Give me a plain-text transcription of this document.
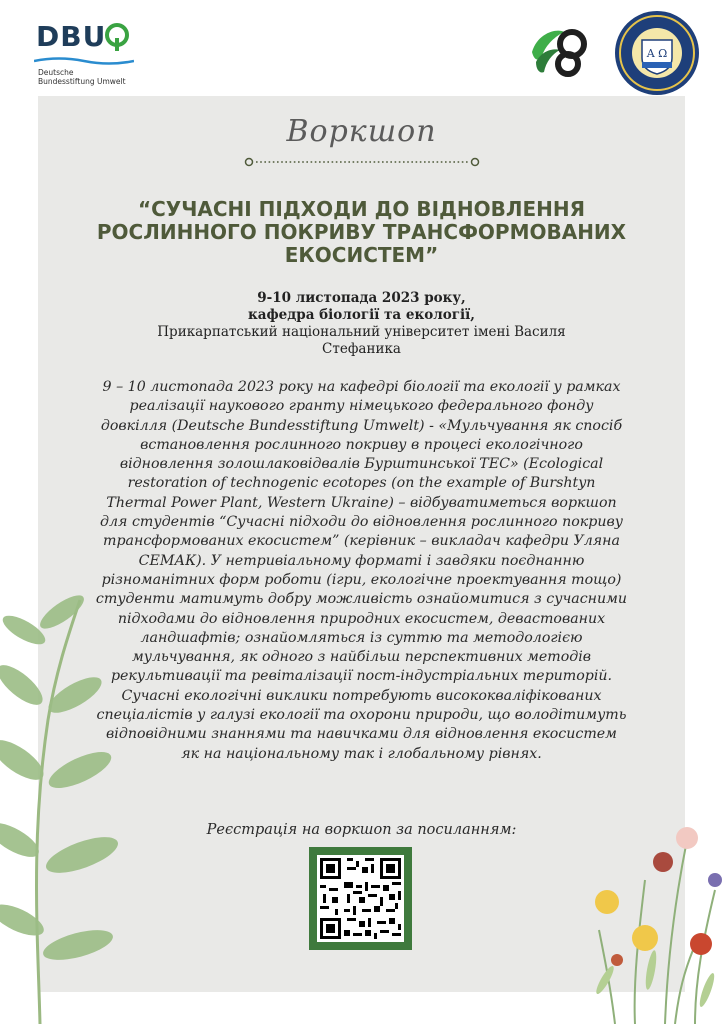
DBU
Deutsche
Bundesstiftung Umwelt
Α Ω
Воркшоп
“СУЧАСНІ ПІДХОДИ ДО ВІДНОВЛЕННЯ
РОСЛИННОГО ПОКРИВУ ТРАНСФОРМОВАНИХ
ЕКОСИСТЕМ”
9-10 листопада 2023 року,
кафедра біології та екології,
Прикарпатський національний університет імені Василя
Стефаника
9 – 10 листопада 2023 року на кафедрі біології та екології у рамках
реалізації наукового гранту німецького федерального фонду
довкілля (Deutsche Bundesstiftung Umwelt) - «Мульчування як спосіб
встановлення рослинного покриву в процесі екологічного
відновлення золошлаковідвалів Бурштинської ТЕС» (Ecological
restoration of technogenic ecotopes (on the example of Burshtyn
Thermal Power Plant, Western Ukraine) – відбуватиметься воркшоп
для студентів “Сучасні підходи до відновлення рослинного покриву
трансформованих екосистем” (керівник – викладач кафедри Уляна
СЕМАК). У нетривіальному форматі і завдяки поєднанню
різноманітних форм роботи (ігри, екологічне проектування тощо)
студенти матимуть добру можливість ознайомитися з сучасними
підходами до відновлення природних екосистем, девастованих
ландшафтів; ознайомляться із суттю та методологією
мульчування, як одного з найбільш перспективних методів
рекультивації та ревіталізації пост-індустріальних територій.
Сучасні екологічні виклики потребують висококваліфікованих
спеціалістів у галузі екології та охорони природи, що володітимуть
відповідними знаннями та навичками для відновлення екосистем
як на національному так і глобальному рівнях.
Реєстрація на воркшоп за посиланням:
